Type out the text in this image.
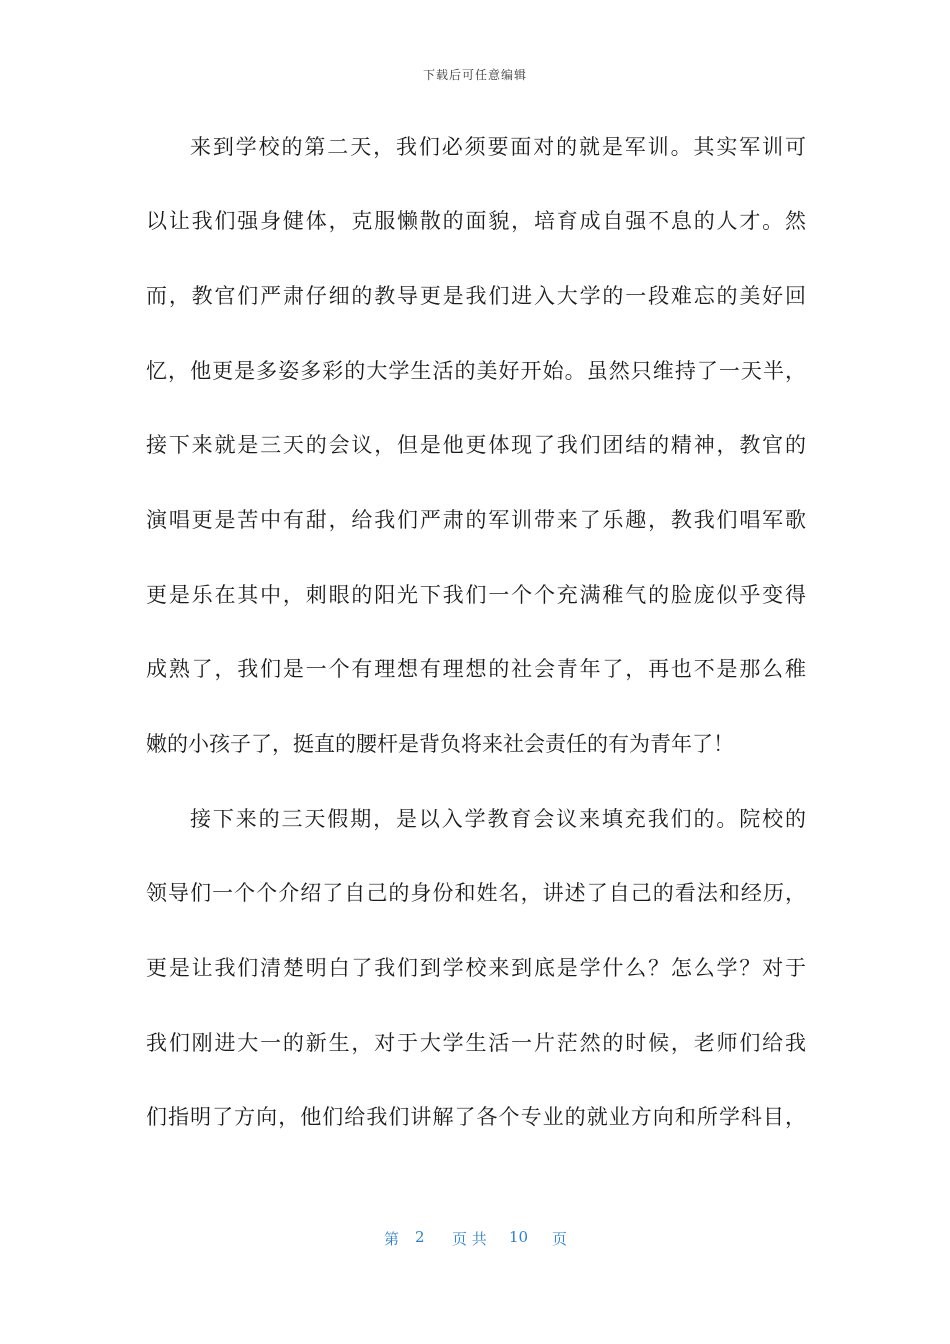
下载后可任意编辑
来到学校的第二天，我们必须要面对的就是军训。其实军训可
以让我们强身健体，克服懒散的面貌，培育成自强不息的人才。然
而，教官们严肃仔细的教导更是我们进入大学的一段难忘的美好回
忆，他更是多姿多彩的大学生活的美好开始。虽然只维持了一天半，
接下来就是三天的会议，但是他更体现了我们团结的精神，教官的
演唱更是苦中有甜，给我们严肃的军训带来了乐趣，教我们唱军歌
更是乐在其中，刺眼的阳光下我们一个个充满稚气的脸庞似乎变得
成熟了，我们是一个有理想有理想的社会青年了，再也不是那么稚
嫩的小孩子了，挺直的腰杆是背负将来社会责任的有为青年了！
接下来的三天假期，是以入学教育会议来填充我们的。院校的
领导们一个个介绍了自己的身份和姓名，讲述了自己的看法和经历，
更是让我们清楚明白了我们到学校来到底是学什么？怎么学？对于
我们刚进大一的新生，对于大学生活一片茫然的时候，老师们给我
们指明了方向，他们给我们讲解了各个专业的就业方向和所学科目，
第 2 页 共 10 页
